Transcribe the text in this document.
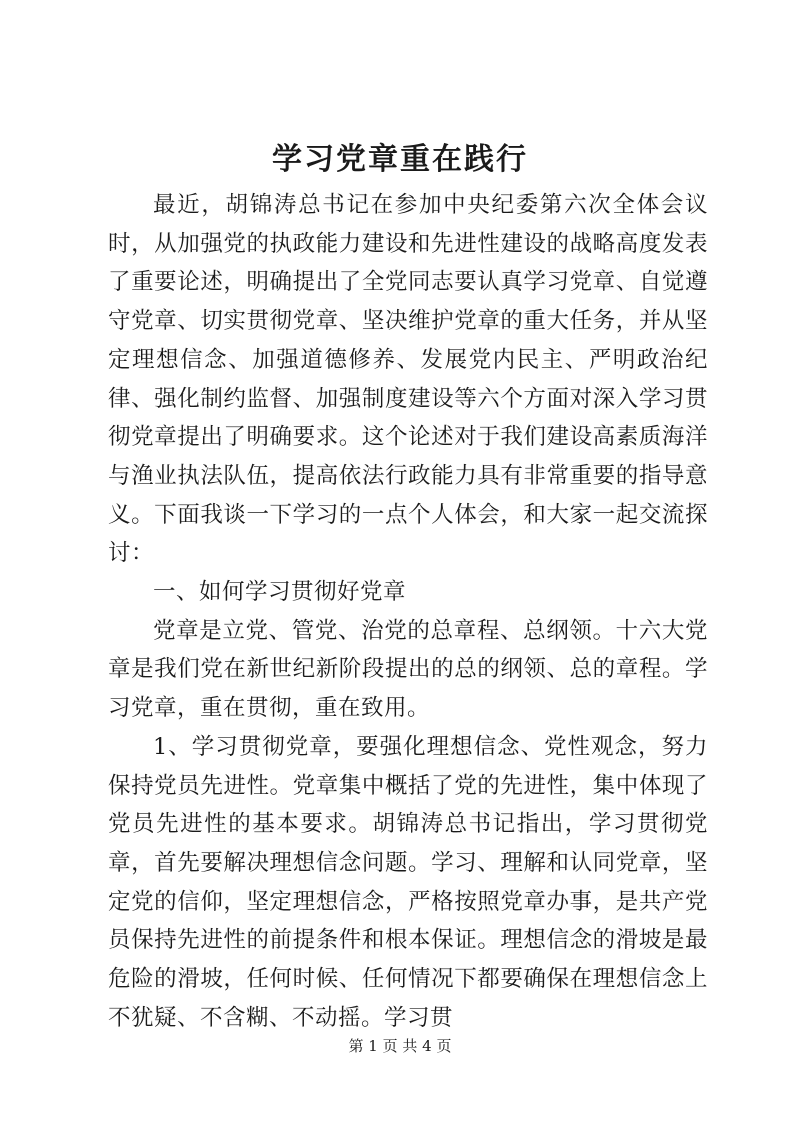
学习党章重在践行

最近，胡锦涛总书记在参加中央纪委第六次全体会议时，从加强党的执政能力建设和先进性建设的战略高度发表了重要论述，明确提出了全党同志要认真学习党章、自觉遵守党章、切实贯彻党章、坚决维护党章的重大任务，并从坚定理想信念、加强道德修养、发展党内民主、严明政治纪律、强化制约监督、加强制度建设等六个方面对深入学习贯彻党章提出了明确要求。这个论述对于我们建设高素质海洋与渔业执法队伍，提高依法行政能力具有非常重要的指导意义。下面我谈一下学习的一点个人体会，和大家一起交流探讨：

一、如何学习贯彻好党章

党章是立党、管党、治党的总章程、总纲领。十六大党章是我们党在新世纪新阶段提出的总的纲领、总的章程。学习党章，重在贯彻，重在致用。

1、学习贯彻党章，要强化理想信念、党性观念，努力保持党员先进性。党章集中概括了党的先进性，集中体现了党员先进性的基本要求。胡锦涛总书记指出，学习贯彻党章，首先要解决理想信念问题。学习、理解和认同党章，坚定党的信仰，坚定理想信念，严格按照党章办事，是共产党员保持先进性的前提条件和根本保证。理想信念的滑坡是最危险的滑坡，任何时候、任何情况下都要确保在理想信念上不犹疑、不含糊、不动摇。学习贯

第 1 页 共 4 页
